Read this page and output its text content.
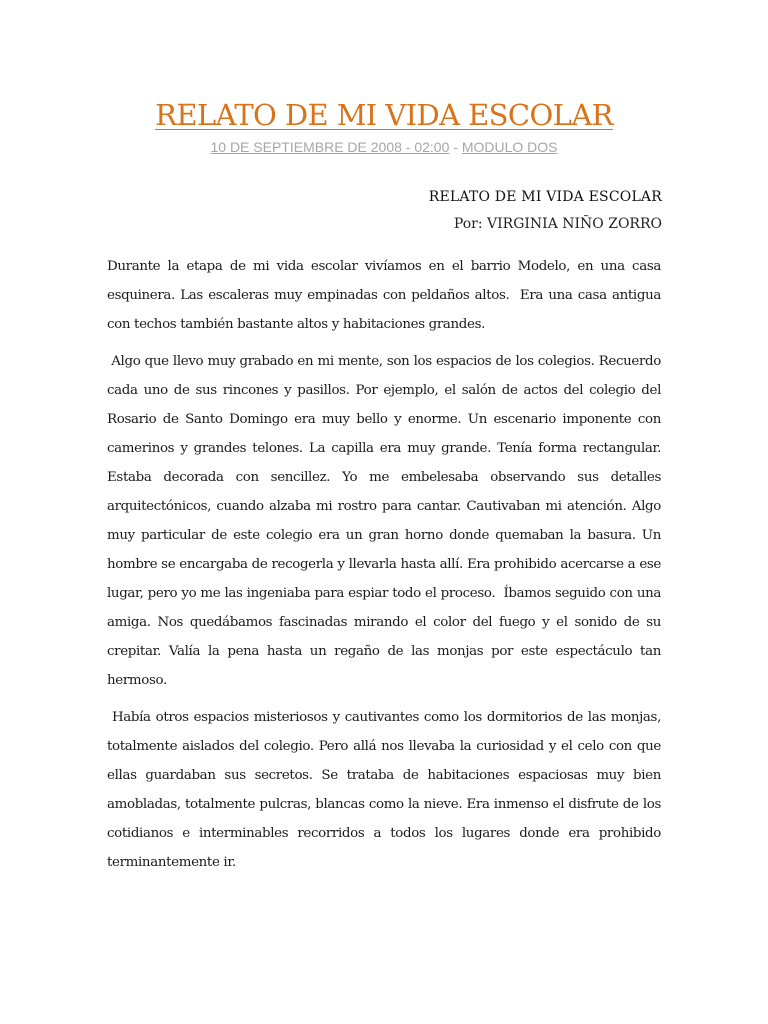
RELATO DE MI VIDA ESCOLAR
10 DE SEPTIEMBRE DE 2008 - 02:00 - MODULO DOS
RELATO DE MI VIDA ESCOLAR
Por: VIRGINIA NIÑO ZORRO

Durante la etapa de mi vida escolar vivíamos en el barrio Modelo, en una casa esquinera. Las escaleras muy empinadas con peldaños altos.  Era una casa antigua con techos también bastante altos y habitaciones grandes.

Algo que llevo muy grabado en mi mente, son los espacios de los colegios. Recuerdo cada uno de sus rincones y pasillos. Por ejemplo, el salón de actos del colegio del Rosario de Santo Domingo era muy bello y enorme. Un escenario imponente con camerinos y grandes telones. La capilla era muy grande. Tenía forma rectangular. Estaba decorada con sencillez. Yo me embelesaba observando sus detalles arquitectónicos, cuando alzaba mi rostro para cantar. Cautivaban mi atención. Algo muy particular de este colegio era un gran horno donde quemaban la basura. Un hombre se encargaba de recogerla y llevarla hasta allí. Era prohibido acercarse a ese lugar, pero yo me las ingeniaba para espiar todo el proceso.  Íbamos seguido con una amiga. Nos quedábamos fascinadas mirando el color del fuego y el sonido de su crepitar. Valía la pena hasta un regaño de las monjas por este espectáculo tan hermoso.

Había otros espacios misteriosos y cautivantes como los dormitorios de las monjas, totalmente aislados del colegio. Pero allá nos llevaba la curiosidad y el celo con que ellas guardaban sus secretos. Se trataba de habitaciones espaciosas muy bien amobladas, totalmente pulcras, blancas como la nieve. Era inmenso el disfrute de los cotidianos e interminables recorridos a todos los lugares donde era prohibido terminantemente ir.
